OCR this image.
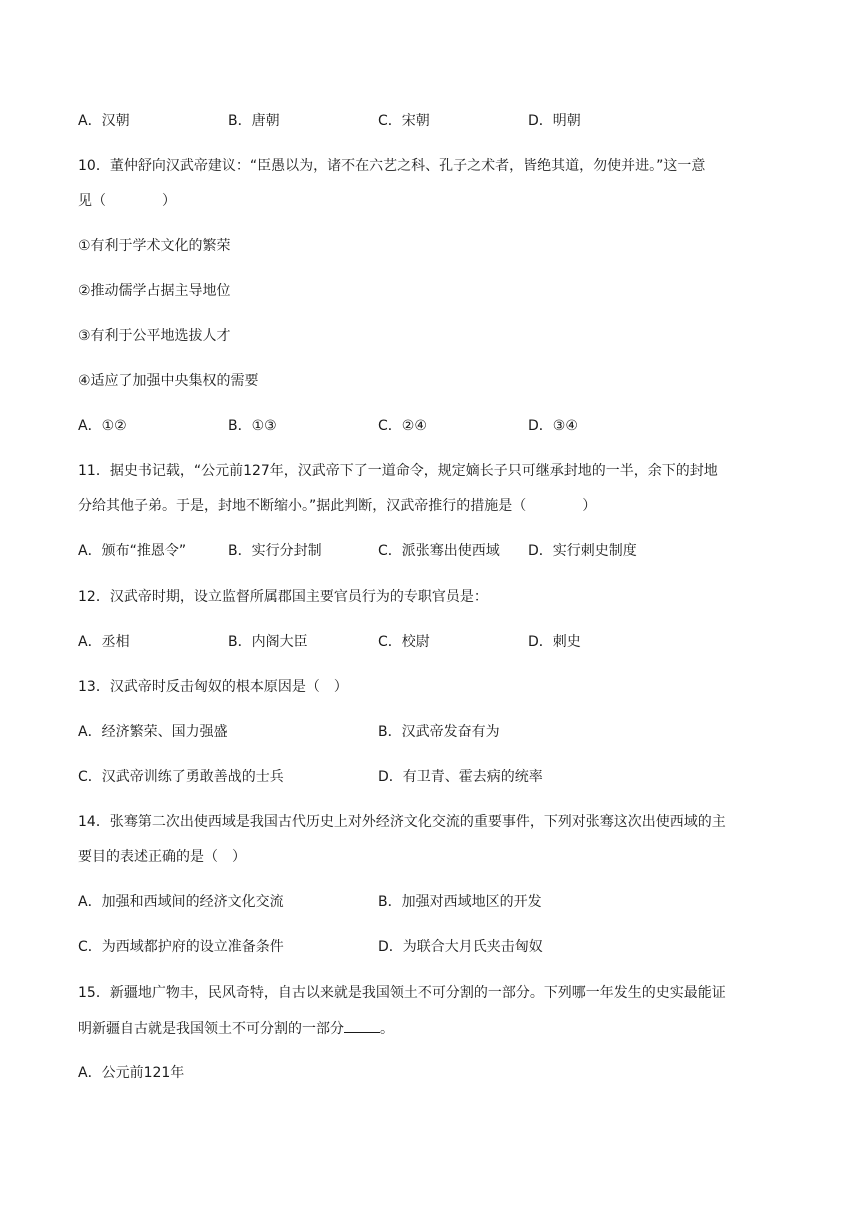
A．汉朝	B．唐朝	C．宋朝	D．明朝
10．董仲舒向汉武帝建议：“臣愚以为，诸不在六艺之科、孔子之术者，皆绝其道，勿使并进。”这一意
见（　　　　）
①有利于学术文化的繁荣
②推动儒学占据主导地位
③有利于公平地选拔人才
④适应了加强中央集权的需要
A．①②	B．①③	C．②④	D．③④
11．据史书记载，“公元前127年，汉武帝下了一道命令，规定嫡长子只可继承封地的一半，余下的封地
分给其他子弟。于是，封地不断缩小。”据此判断，汉武帝推行的措施是（　　　　）
A．颁布“推恩令”	B．实行分封制	C．派张骞出使西域 D．实行刺史制度
12．汉武帝时期，设立监督所属郡国主要官员行为的专职官员是：
A．丞相	B．内阁大臣	C．校尉	D．刺史
13．汉武帝时反击匈奴的根本原因是（　）
A．经济繁荣、国力强盛	B．汉武帝发奋有为
C．汉武帝训练了勇敢善战的士兵	D．有卫青、霍去病的统率
14．张骞第二次出使西域是我国古代历史上对外经济文化交流的重要事件，下列对张骞这次出使西域的主
要目的表述正确的是（　）
A．加强和西域间的经济文化交流	B．加强对西域地区的开发
C．为西域都护府的设立准备条件	D．为联合大月氏夹击匈奴
15．新疆地广物丰，民风奇特，自古以来就是我国领土不可分割的一部分。下列哪一年发生的史实最能证
明新疆自古就是我国领土不可分割的一部分	。
A．公元前121年
